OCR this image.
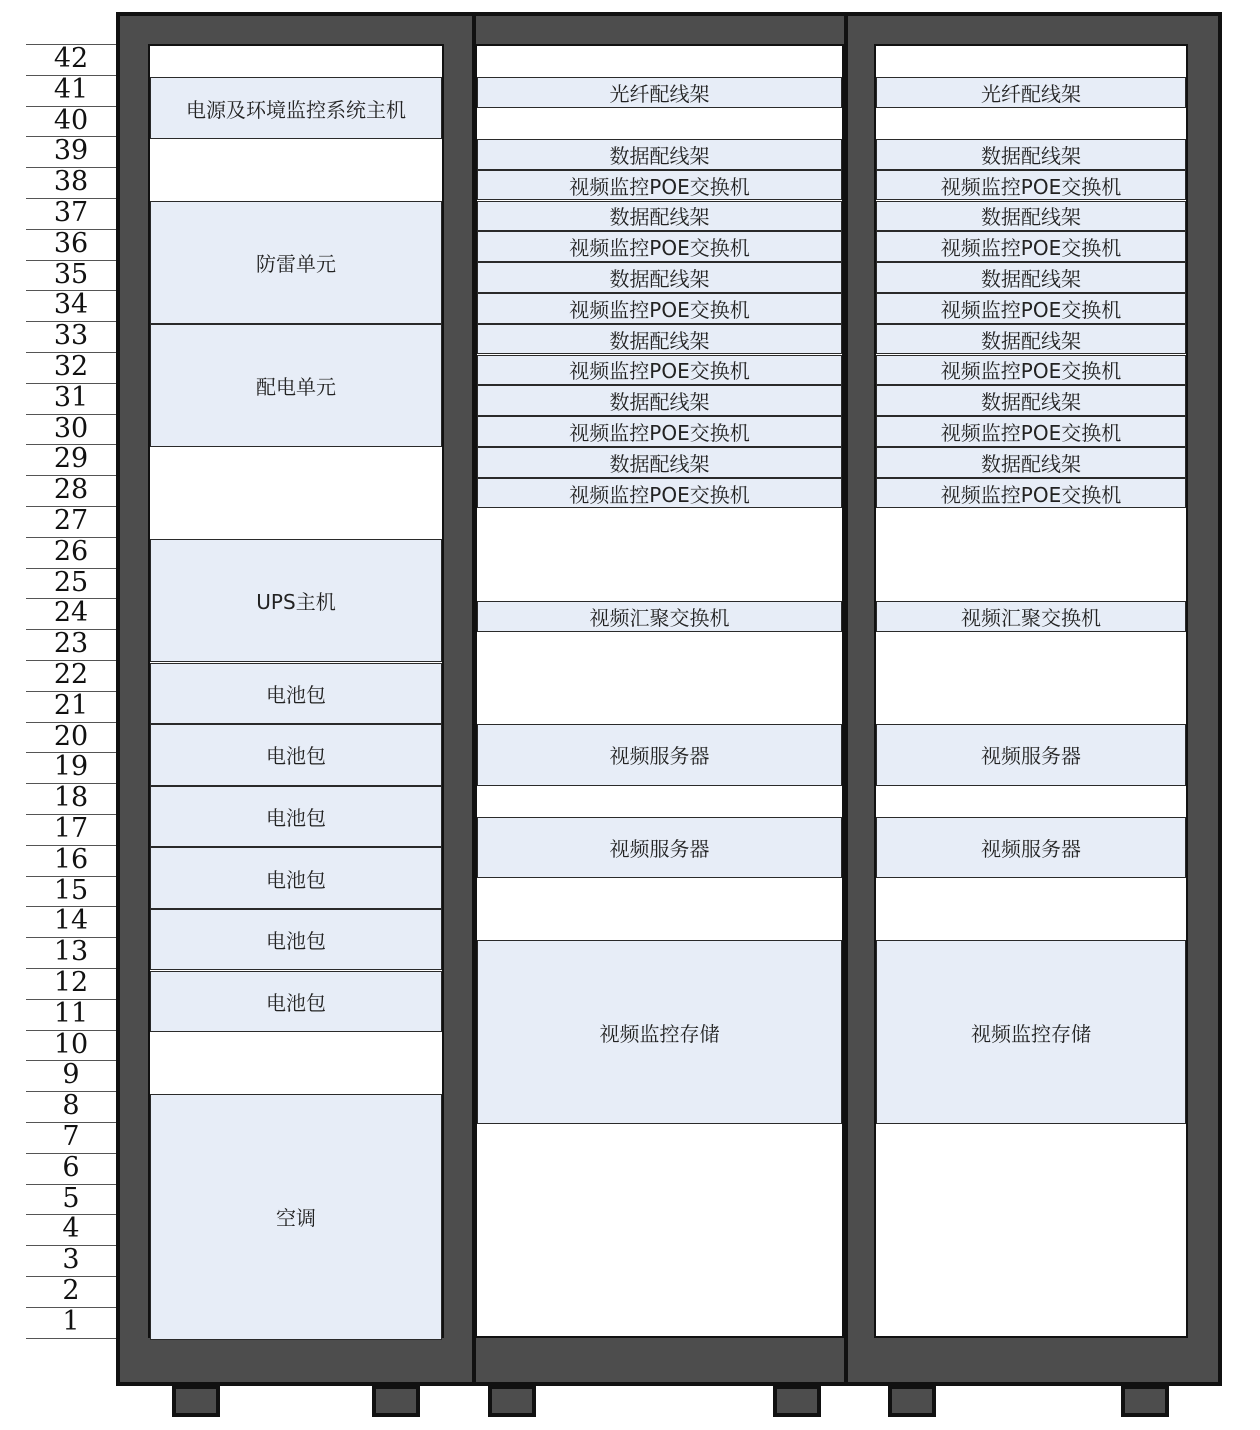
42
41
40
39
38
37
36
35
34
33
32
31
30
29
28
27
26
25
24
23
22
21
20
19
18
17
16
15
14
13
12
11
10
9
8
7
6
5
4
3
2
1
电源及环境监控系统主机
防雷单元
配电单元
UPS主机
电池包
电池包
电池包
电池包
电池包
电池包
空调
光纤配线架
数据配线架
视频监控POE交换机
数据配线架
视频监控POE交换机
数据配线架
视频监控POE交换机
数据配线架
视频监控POE交换机
数据配线架
视频监控POE交换机
数据配线架
视频监控POE交换机
视频汇聚交换机
视频服务器
视频服务器
视频监控存储
光纤配线架
数据配线架
视频监控POE交换机
数据配线架
视频监控POE交换机
数据配线架
视频监控POE交换机
数据配线架
视频监控POE交换机
数据配线架
视频监控POE交换机
数据配线架
视频监控POE交换机
视频汇聚交换机
视频服务器
视频服务器
视频监控存储
